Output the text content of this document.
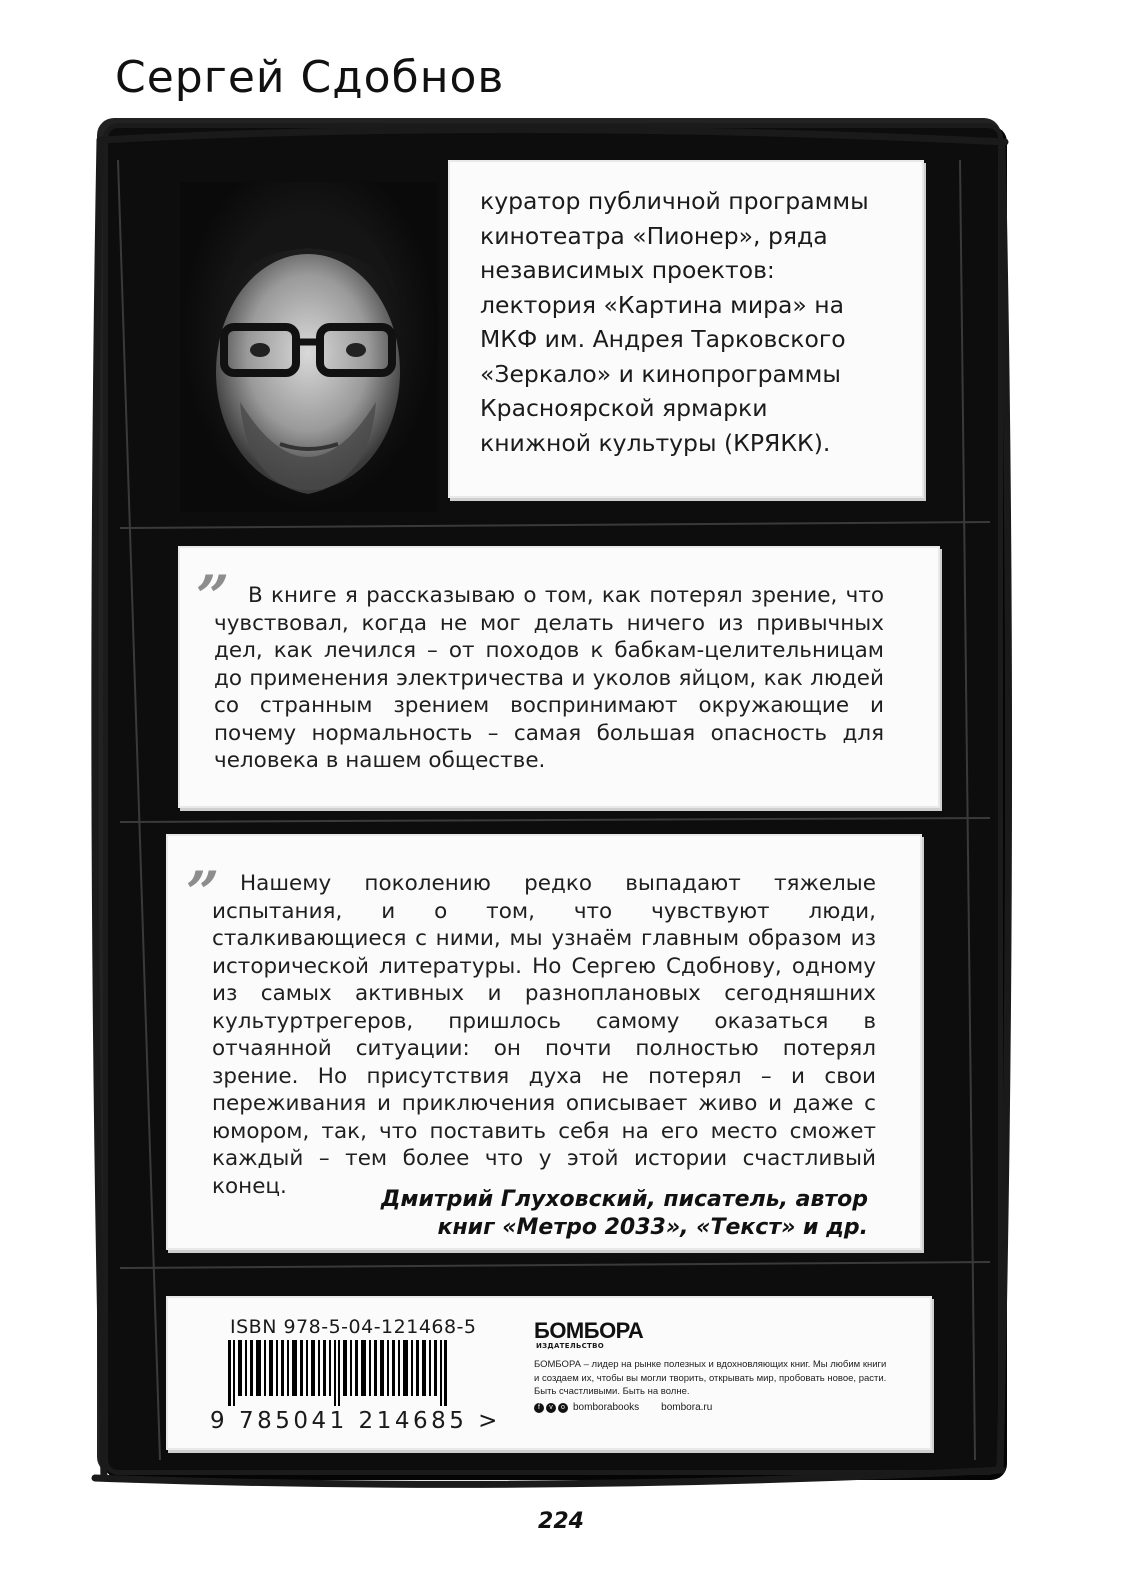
Сергей Сдобнов
куратор публичной программы
кинотеатра «Пионер», ряда
независимых проектов:
лектория «Картина мира» на
МКФ им. Андрея Тарковского
«Зеркало» и кинопрограммы
Красноярской ярмарки
книжной культуры (КРЯКК).
” В книге я рассказываю о том, как потерял зрение, что чувствовал, когда не мог делать ничего из привычных дел, как лечился – от походов к бабкам-целительницам до применения электричества и уколов яйцом, как людей со странным зрением воспринимают окружающие и почему нормальность – самая большая опасность для человека в нашем обществе.
” Нашему поколению редко выпадают тяжелые испытания, и о том, что чувствуют люди, сталкивающиеся с ними, мы узнаём главным образом из исторической литературы. Но Сергею Сдобнову, одному из самых активных и разноплановых сегодняшних культуртрегеров, пришлось самому оказаться в отчаянной ситуации: он почти полностью потерял зрение. Но присутствия духа не потерял – и свои переживания и приключения описывает живо и даже с юмором, так, что поставить себя на его место сможет каждый – тем более что у этой истории счастливый конец.
Дмитрий Глуховский, писатель, автор
книг «Метро 2033», «Текст» и др.
ISBN 978-5-04-121468-5
9 785041 214685 >
БОМБОРА
ИЗДАТЕЛЬСТВО
БОМБОРА – лидер на рынке полезных и вдохновляющих книг. Мы любим книги и создаем их, чтобы вы могли творить, открывать мир, пробовать новое, расти. Быть счастливыми. Быть на волне.
f	v	o bomborabooks bombora.ru
224
